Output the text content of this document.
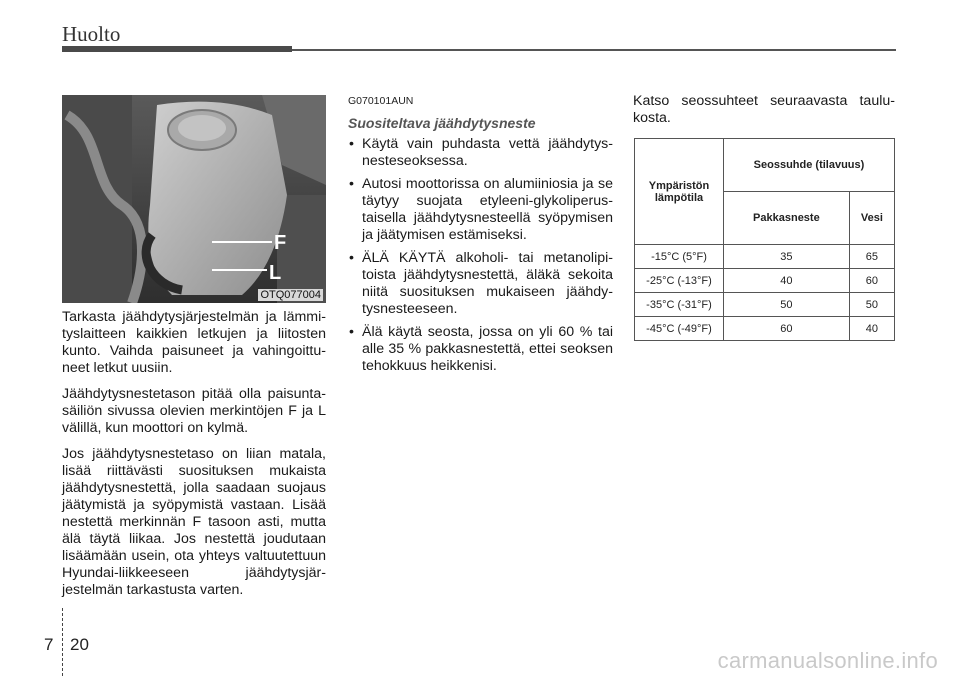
Huolto
F
L
OTQ077004

Tarkasta jäähdytysjärjestelmän ja lämmityslaitteen kaikkien letkujen ja liitosten kunto. Vaihda paisuneet ja vahingoittuneet letkut uusiin.

Jäähdytysnestetason pitää olla paisuntasäiliön sivussa olevien merkintöjen F ja L välillä, kun moottori on kylmä.

Jos jäähdytysnestetaso on liian matala, lisää riittävästi suosituksen mukaista jäähdytysnestettä, jolla saadaan suojaus jäätymistä ja syöpymistä vastaan. Lisää nestettä merkinnän F tasoon asti, mutta älä täytä liikaa. Jos nestettä joudutaan lisäämään usein, ota yhteys valtuutettuun Hyundai-liikkeeseen jäähdytysjärjestelmän tarkastusta varten.

G070101AUN
Suositeltava jäähdytysneste
• Käytä vain puhdasta vettä jäähdytysnesteseoksessa.
• Autosi moottorissa on alumiiniosia ja se täytyy suojata etyleeni-glykoliperustaisella jäähdytysnesteellä syöpymisen ja jäätymisen estämiseksi.
• ÄLÄ KÄYTÄ alkoholi- tai metanolipitoista jäähdytysnestettä, äläkä sekoita niitä suosituksen mukaiseen jäähdytysnesteeseen.
• Älä käytä seosta, jossa on yli 60 % tai alle 35 % pakkasnestettä, ettei seoksen tehokkuus heikkenisi.

Katso seossuhteet seuraavasta taulukosta.

Ympäristön lämpötila	Seossuhde (tilavuus)	
	Pakkasneste	Vesi
-15°C (5°F)	35	65
-25°C (-13°F)	40	60
-35°C (-31°F)	50	50
-45°C (-49°F)	60	40
7 20
carmanualsonline.info
